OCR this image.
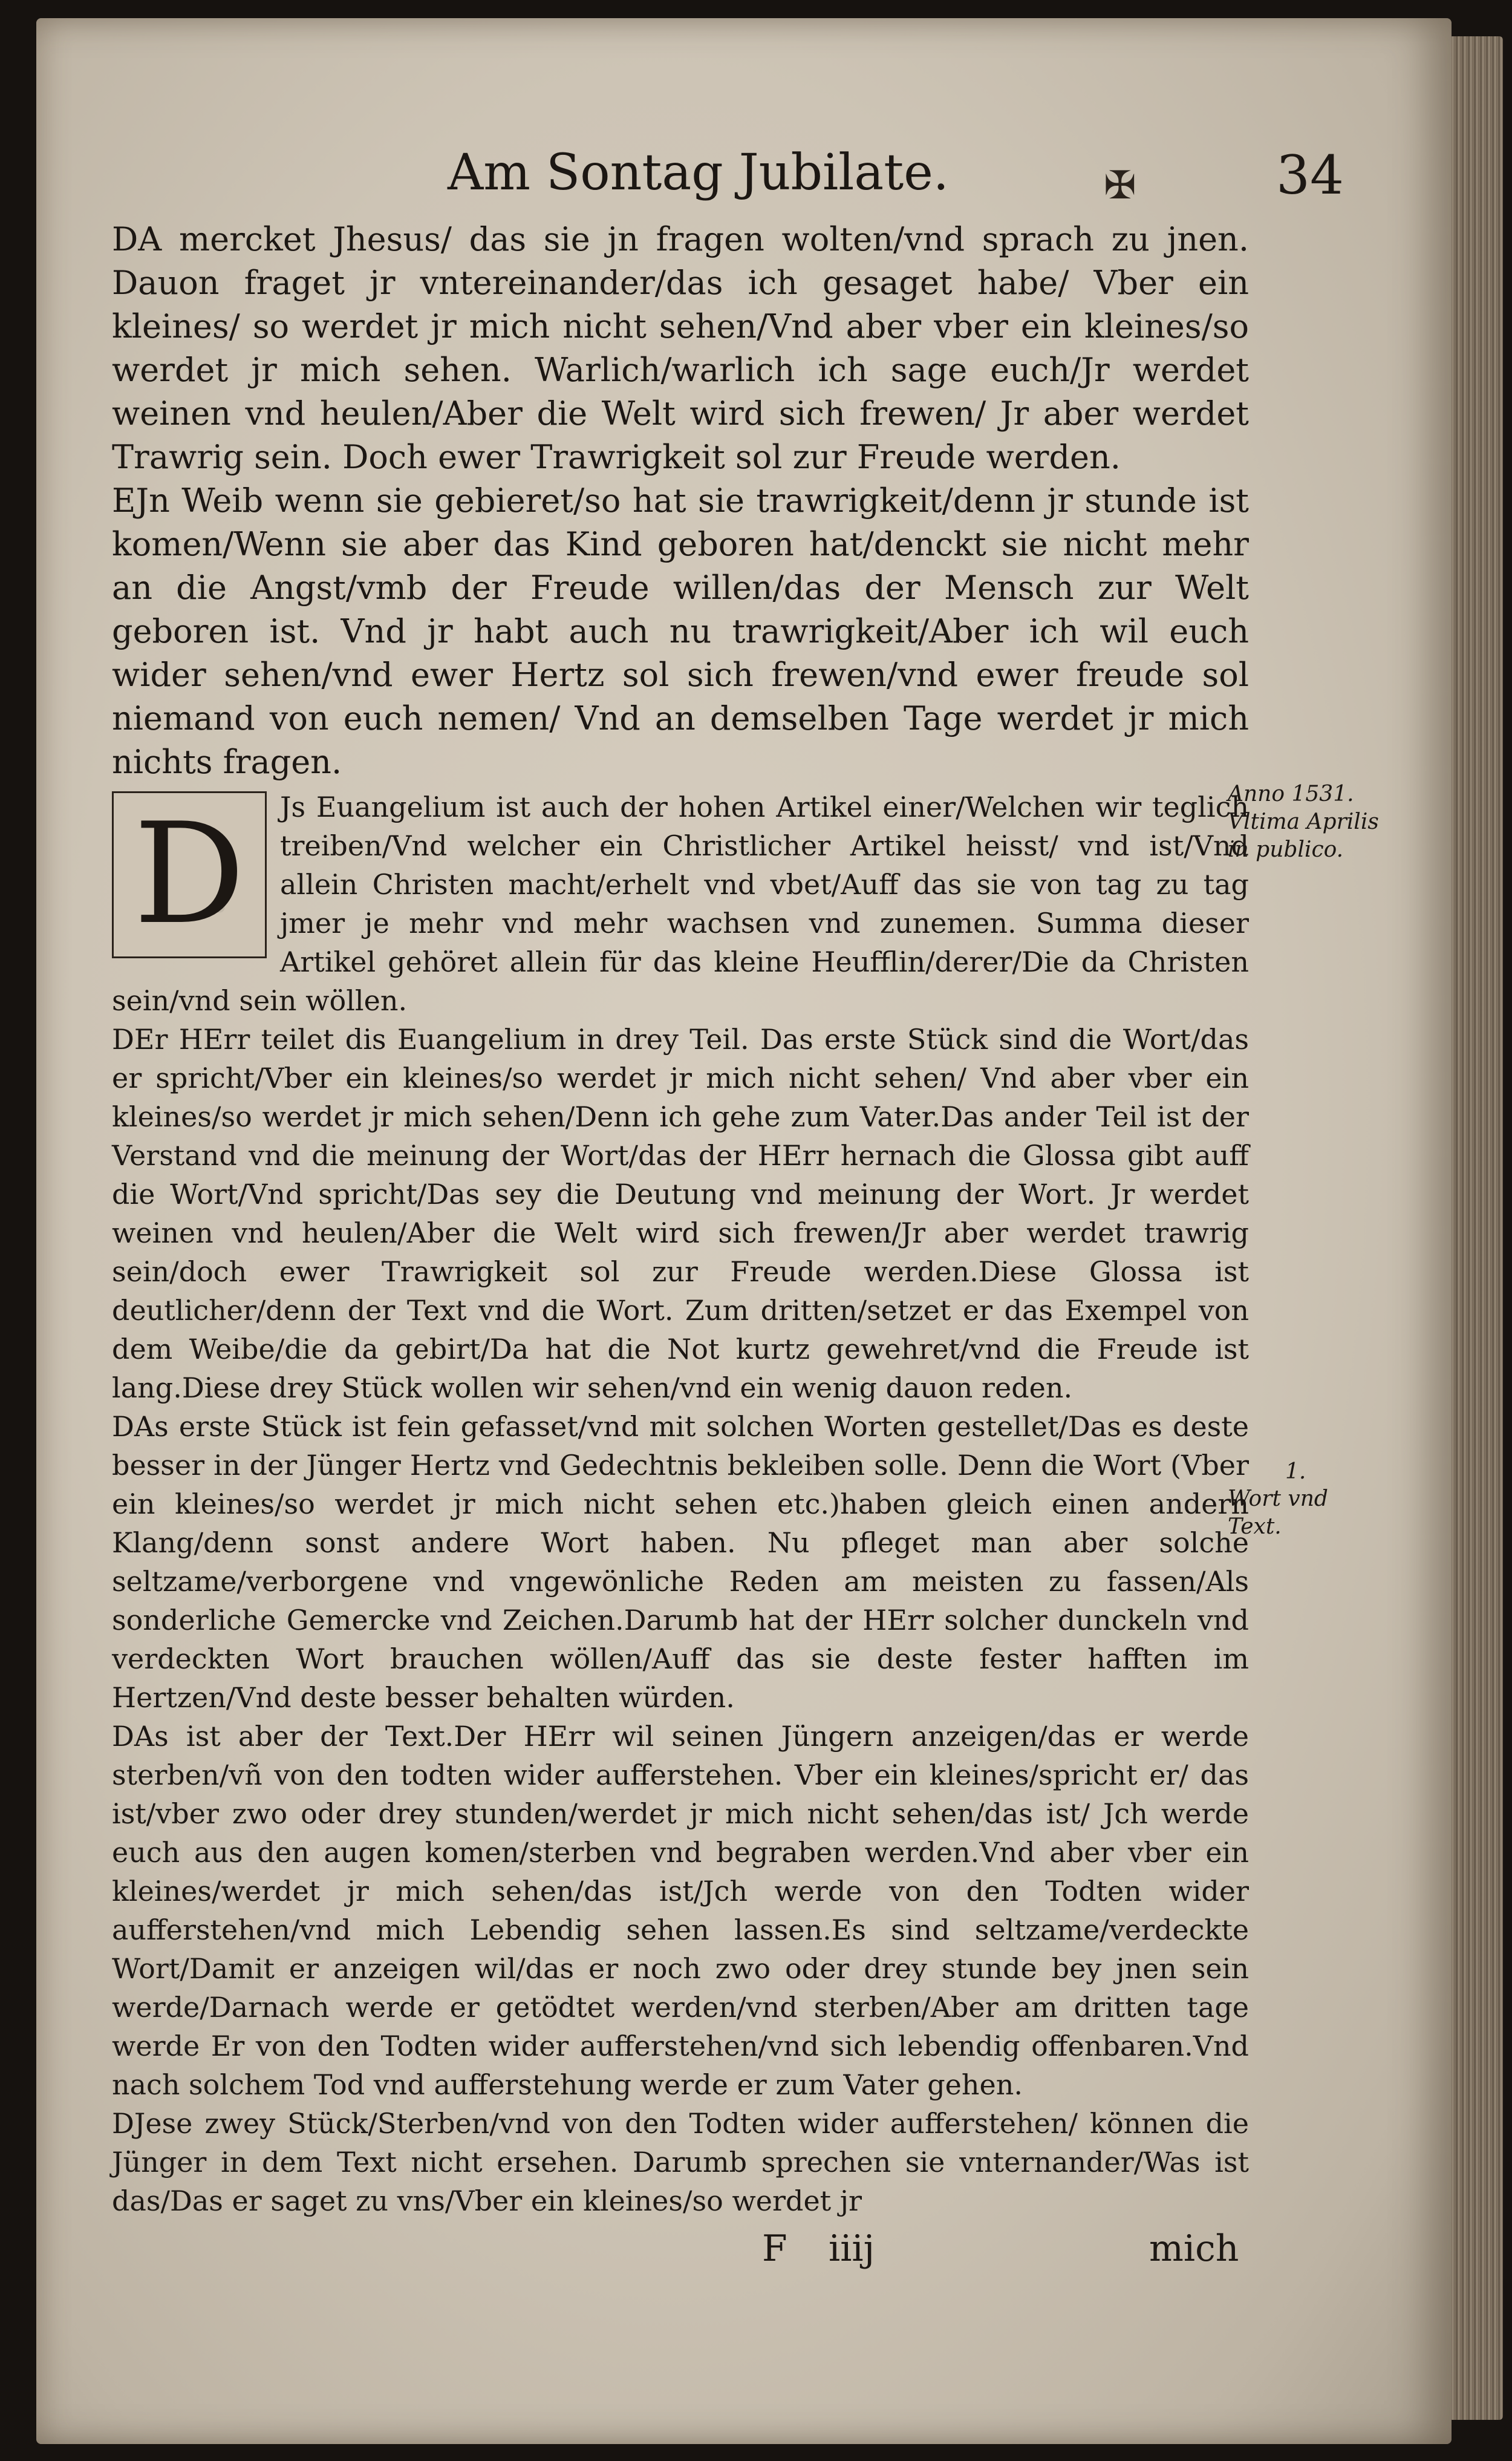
Am Sontag Jubilate.	✠	34

DA mercket Jhesus/ das sie jn fragen wolten/vnd sprach zu jnen. Dauon fraget jr vntereinander/das ich gesaget habe/ Vber ein kleines/ so werdet jr mich nicht sehen/Vnd aber vber ein kleines/so werdet jr mich sehen. Warlich/warlich ich sage euch/Jr werdet weinen vnd heulen/Aber die Welt wird sich frewen/ Jr aber werdet Trawrig sein. Doch ewer Trawrigkeit sol zur Freude werden.

EJn Weib wenn sie gebieret/so hat sie trawrigkeit/denn jr stunde ist komen/Wenn sie aber das Kind geboren hat/denckt sie nicht mehr an die Angst/vmb der Freude willen/das der Mensch zur Welt geboren ist. Vnd jr habt auch nu trawrigkeit/Aber ich wil euch wider sehen/vnd ewer Hertz sol sich frewen/vnd ewer freude sol niemand von euch nemen/ Vnd an demselben Tage werdet jr mich nichts fragen.

D	Js Euangelium ist auch der hohen Artikel einer/Welchen wir teglich treiben/Vnd welcher ein Christlicher Artikel heisst/ vnd ist/Vnd allein Christen macht/erhelt vnd vbet/Auff das sie von tag zu tag jmer je mehr vnd mehr wachsen vnd zunemen. Summa dieser Artikel gehöret allein für das kleine Heufflin/derer/Die da Christen sein/vnd sein wöllen.

DEr HErr teilet dis Euangelium in drey Teil. Das erste Stück sind die Wort/das er spricht/Vber ein kleines/so werdet jr mich nicht sehen/ Vnd aber vber ein kleines/so werdet jr mich sehen/Denn ich gehe zum Vater.Das ander Teil ist der Verstand vnd die meinung der Wort/das der HErr hernach die Glossa gibt auff die Wort/Vnd spricht/Das sey die Deutung vnd meinung der Wort. Jr werdet weinen vnd heulen/Aber die Welt wird sich frewen/Jr aber werdet trawrig sein/doch ewer Trawrigkeit sol zur Freude werden.Diese Glossa ist deutlicher/denn der Text vnd die Wort. Zum dritten/setzet er das Exempel von dem Weibe/die da gebirt/Da hat die Not kurtz gewehret/vnd die Freude ist lang.Diese drey Stück wollen wir sehen/vnd ein wenig dauon reden.

DAs erste Stück ist fein gefasset/vnd mit solchen Worten gestellet/Das es deste besser in der Jünger Hertz vnd Gedechtnis bekleiben solle. Denn die Wort (Vber ein kleines/so werdet jr mich nicht sehen etc.)haben gleich einen andern Klang/denn sonst andere Wort haben. Nu pfleget man aber solche seltzame/verborgene vnd vngewönliche Reden am meisten zu fassen/Als sonderliche Gemercke vnd Zeichen.Darumb hat der HErr solcher dunckeln vnd verdeckten Wort brauchen wöllen/Auff das sie deste fester hafften im Hertzen/Vnd deste besser behalten würden.

DAs ist aber der Text.Der HErr wil seinen Jüngern anzeigen/das er werde sterben/vñ von den todten wider aufferstehen. Vber ein kleines/spricht er/ das ist/vber zwo oder drey stunden/werdet jr mich nicht sehen/das ist/ Jch werde euch aus den augen komen/sterben vnd begraben werden.Vnd aber vber ein kleines/werdet jr mich sehen/das ist/Jch werde von den Todten wider aufferstehen/vnd mich Lebendig sehen lassen.Es sind seltzame/verdeckte Wort/Damit er anzeigen wil/das er noch zwo oder drey stunde bey jnen sein werde/Darnach werde er getödtet werden/vnd sterben/Aber am dritten tage werde Er von den Todten wider aufferstehen/vnd sich lebendig offenbaren.Vnd nach solchem Tod vnd aufferstehung werde er zum Vater gehen.

DJese zwey Stück/Sterben/vnd von den Todten wider aufferstehen/ können die Jünger in dem Text nicht ersehen. Darumb sprechen sie vnternander/Was ist das/Das er saget zu vns/Vber ein kleines/so werdet jr

Anno 1531. Vltima Aprilis in publico.
1.
Wort vnd Text.
F iiij	mich
